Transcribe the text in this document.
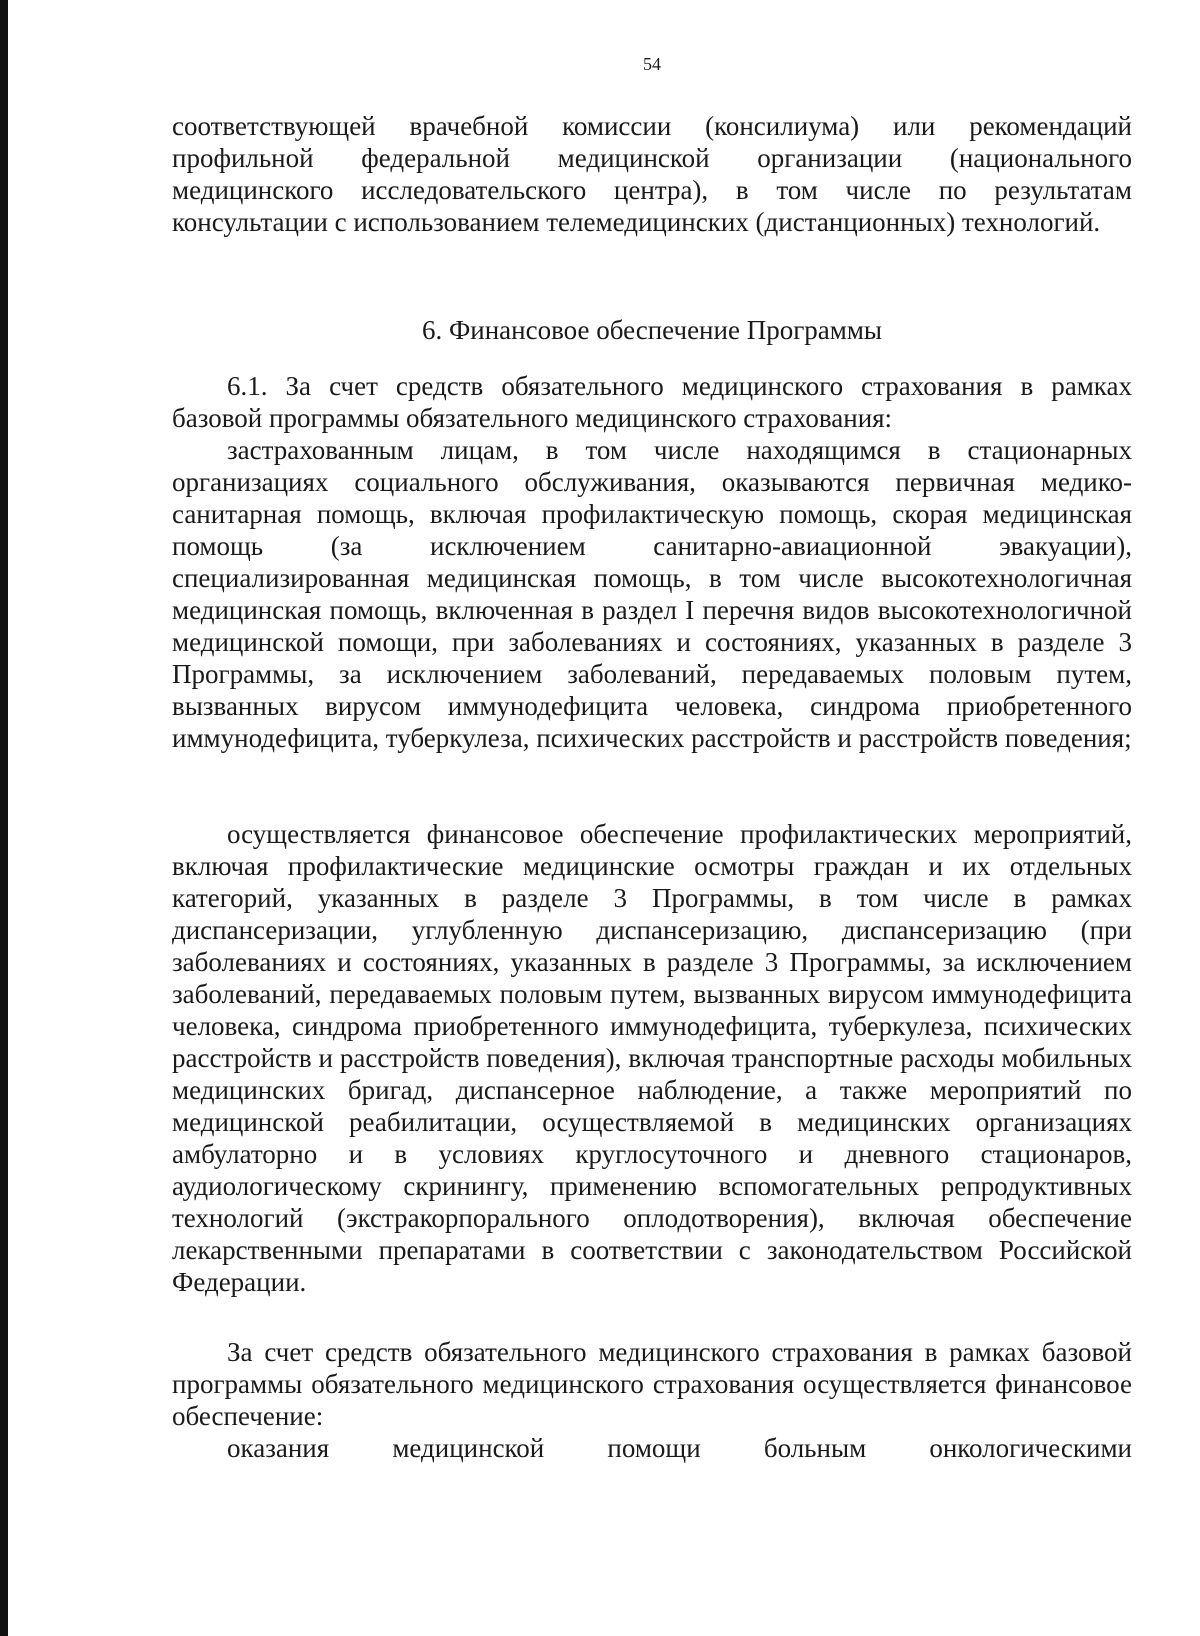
54

соответствующей врачебной комиссии (консилиума) или рекомендаций профильной федеральной медицинской организации (национального медицинского исследовательского центра), в том числе по результатам консультации с использованием телемедицинских (дистанционных) технологий.

6. Финансовое обеспечение Программы

6.1. За счет средств обязательного медицинского страхования в рамках базовой программы обязательного медицинского страхования:

застрахованным лицам, в том числе находящимся в стационарных организациях социального обслуживания, оказываются первичная медико-санитарная помощь, включая профилактическую помощь, скорая медицинская помощь (за исключением санитарно-авиационной эвакуации), специализированная медицинская помощь, в том числе высокотехнологичная медицинская помощь, включенная в раздел I перечня видов высокотехнологичной медицинской помощи, при заболеваниях и состояниях, указанных в разделе 3 Программы, за исключением заболеваний, передаваемых половым путем, вызванных вирусом иммунодефицита человека, синдрома приобретенного иммунодефицита, туберкулеза, психических расстройств и расстройств поведения;

осуществляется финансовое обеспечение профилактических мероприятий, включая профилактические медицинские осмотры граждан и их отдельных категорий, указанных в разделе 3 Программы, в том числе в рамках диспансеризации, углубленную диспансеризацию, диспансеризацию (при заболеваниях и состояниях, указанных в разделе 3 Программы, за исключением заболеваний, передаваемых половым путем, вызванных вирусом иммунодефицита человека, синдрома приобретенного иммунодефицита, туберкулеза, психических расстройств и расстройств поведения), включая транспортные расходы мобильных медицинских бригад, диспансерное наблюдение, а также мероприятий по медицинской реабилитации, осуществляемой в медицинских организациях амбулаторно и в условиях круглосуточного и дневного стационаров, аудиологическому скринингу, применению вспомогательных репродуктивных технологий (экстракорпорального оплодотворения), включая обеспечение лекарственными препаратами в соответствии с законодательством Российской Федерации.

За счет средств обязательного медицинского страхования в рамках базовой программы обязательного медицинского страхования осуществляется финансовое обеспечение:

оказания медицинской помощи больным онкологическими
